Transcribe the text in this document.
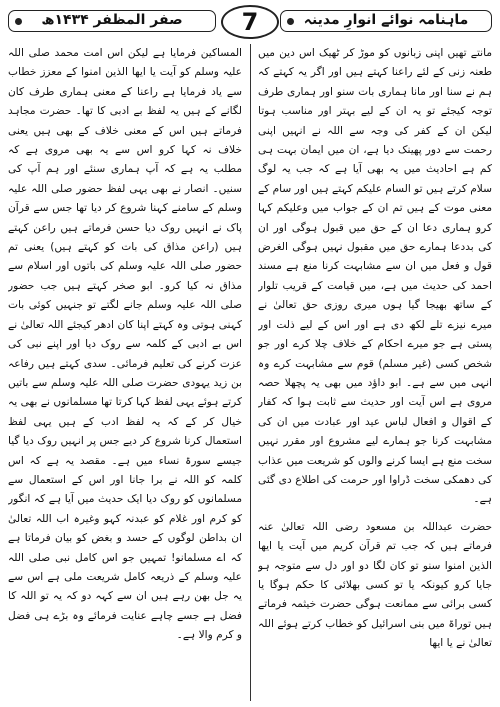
صفر المظفر ۱۴۳۴ھ	7	ماہنامہ نوائے انوارِ مدینہ

مانتے تھیں اپنی زبانوں کو موڑ کر ٹھیک اس دین میں طعنہ زنی کے لئے راعنا کہتے ہیں اور اگر یہ کہتے کہ ہم نے سنا اور مانا ہماری بات سنو اور ہماری طرف توجہ کیجئے تو یہ ان کے لیے بہتر اور مناسب ہوتا لیکن ان کے کفر کی وجہ سے اللہ نے انہیں اپنی رحمت سے دور پھینک دیا ہے، ان میں ایمان بہت ہی کم ہے احادیث میں یہ بھی آیا ہے کہ جب یہ لوگ سلام کرتے ہیں تو السام علیکم کہتے ہیں اور سام کے معنی موت کے ہیں تم ان کے جواب میں وعلیکم کہا کرو ہماری دعا ان کے حق میں قبول ہوگی اور ان کی بددعا ہمارے حق میں مقبول نہیں ہوگی الغرض قول و فعل میں ان سے مشابہت کرنا منع ہے مسند احمد کی حدیث میں ہے، میں قیامت کے قریب تلوار کے ساتھ بھیجا گیا ہوں میری روزی حق تعالیٰ نے میرے نیزے تلے لکھ دی ہے اور اس کے لیے ذلت اور پستی ہے جو میرے احکام کے خلاف چلا کرے اور جو شخص کسی (غیر مسلم) قوم سے مشابہت کرے وہ انہی میں سے ہے۔ ابو داؤد میں بھی یہ پچھلا حصہ مروی ہے اس آیت اور حدیث سے ثابت ہوا کہ کفار کے اقوال و افعال لباس عید اور عبادت میں ان کی مشابہت کرنا جو ہمارے لیے مشروع اور مقرر نہیں سخت منع ہے ایسا کرنے والوں کو شریعت میں عذاب کی دھمکی سخت ڈراوا اور حرمت کی اطلاع دی گئی ہے۔

حضرت عبداللہ بن مسعود رضی اللہ تعالیٰ عنہ فرماتے ہیں کہ جب تم قرآن کریم میں آیت یا ایھا الذین امنوا سنو تو کان لگا دو اور دل سے متوجہ ہو جایا کرو کیونکہ یا تو کسی بھلائی کا حکم ہوگا یا کسی برائی سے ممانعت ہوگی حضرت خیثمہ فرماتے ہیں توراۃ میں بنی اسرائیل کو خطاب کرتے ہوئے اللہ تعالیٰ نے یا ایھا

المساکین فرمایا ہے لیکن اس امت محمد صلی اللہ علیہ وسلم کو آیت یا ایھا الذین امنوا کے معزز خطاب سے یاد فرمایا ہے راعنا کے معنی ہماری طرف کان لگانے کے ہیں یہ لفظ بے ادبی کا تھا۔ حضرت مجاہد فرماتے ہیں اس کے معنی خلاف کے بھی ہیں یعنی خلاف نہ کہا کرو اس سے یہ بھی مروی ہے کہ مطلب یہ ہے کہ آپ ہماری سنئے اور ہم آپ کی سنیں۔ انصار نے بھی یہی لفظ حضور صلی اللہ علیہ وسلم کے سامنے کہنا شروع کر دیا تھا جس سے قرآن پاک نے انہیں روک دیا حسن فرماتے ہیں راعن کہتے ہیں (راعن مذاق کی بات کو کہتے ہیں) یعنی تم حضور صلی اللہ علیہ وسلم کی باتوں اور اسلام سے مذاق نہ کیا کرو۔ ابو صخر کہتے ہیں جب حضور صلی اللہ علیہ وسلم جانے لگتے تو جنہیں کوئی بات کہنی ہوتی وہ کہتے اپنا کان ادھر کیجئے اللہ تعالیٰ نے اس بے ادبی کے کلمہ سے روک دیا اور اپنے نبی کی عزت کرنے کی تعلیم فرمائی۔ سدی کہتے ہیں رفاعہ بن زید یہودی حضرت صلی اللہ علیہ وسلم سے باتیں کرتے ہوئے یہی لفظ کہا کرتا تھا مسلمانوں نے بھی یہ خیال کر کے کہ یہ لفظ ادب کے ہیں یہی لفظ استعمال کرنا شروع کر دیے جس پر انہیں روک دیا گیا جیسے سورۃ نساء میں ہے۔ مقصد یہ ہے کہ اس کلمہ کو اللہ نے برا جانا اور اس کے استعمال سے مسلمانوں کو روک دیا ایک حدیث میں آیا ہے کہ انگور کو کرم اور غلام کو عبدنہ کہو وغیرہ اب اللہ تعالیٰ ان بداطن لوگوں کے حسد و بغض کو بیان فرماتا ہے کہ اے مسلمانو! تمہیں جو اس کامل نبی صلی اللہ علیہ وسلم کے ذریعہ کامل شریعت ملی ہے اس سے یہ جل بھن رہے ہیں ان سے کہہ دو کہ یہ تو اللہ کا فضل ہے جسے چاہے عنایت فرمائے وہ بڑے ہی فضل و کرم والا ہے۔
